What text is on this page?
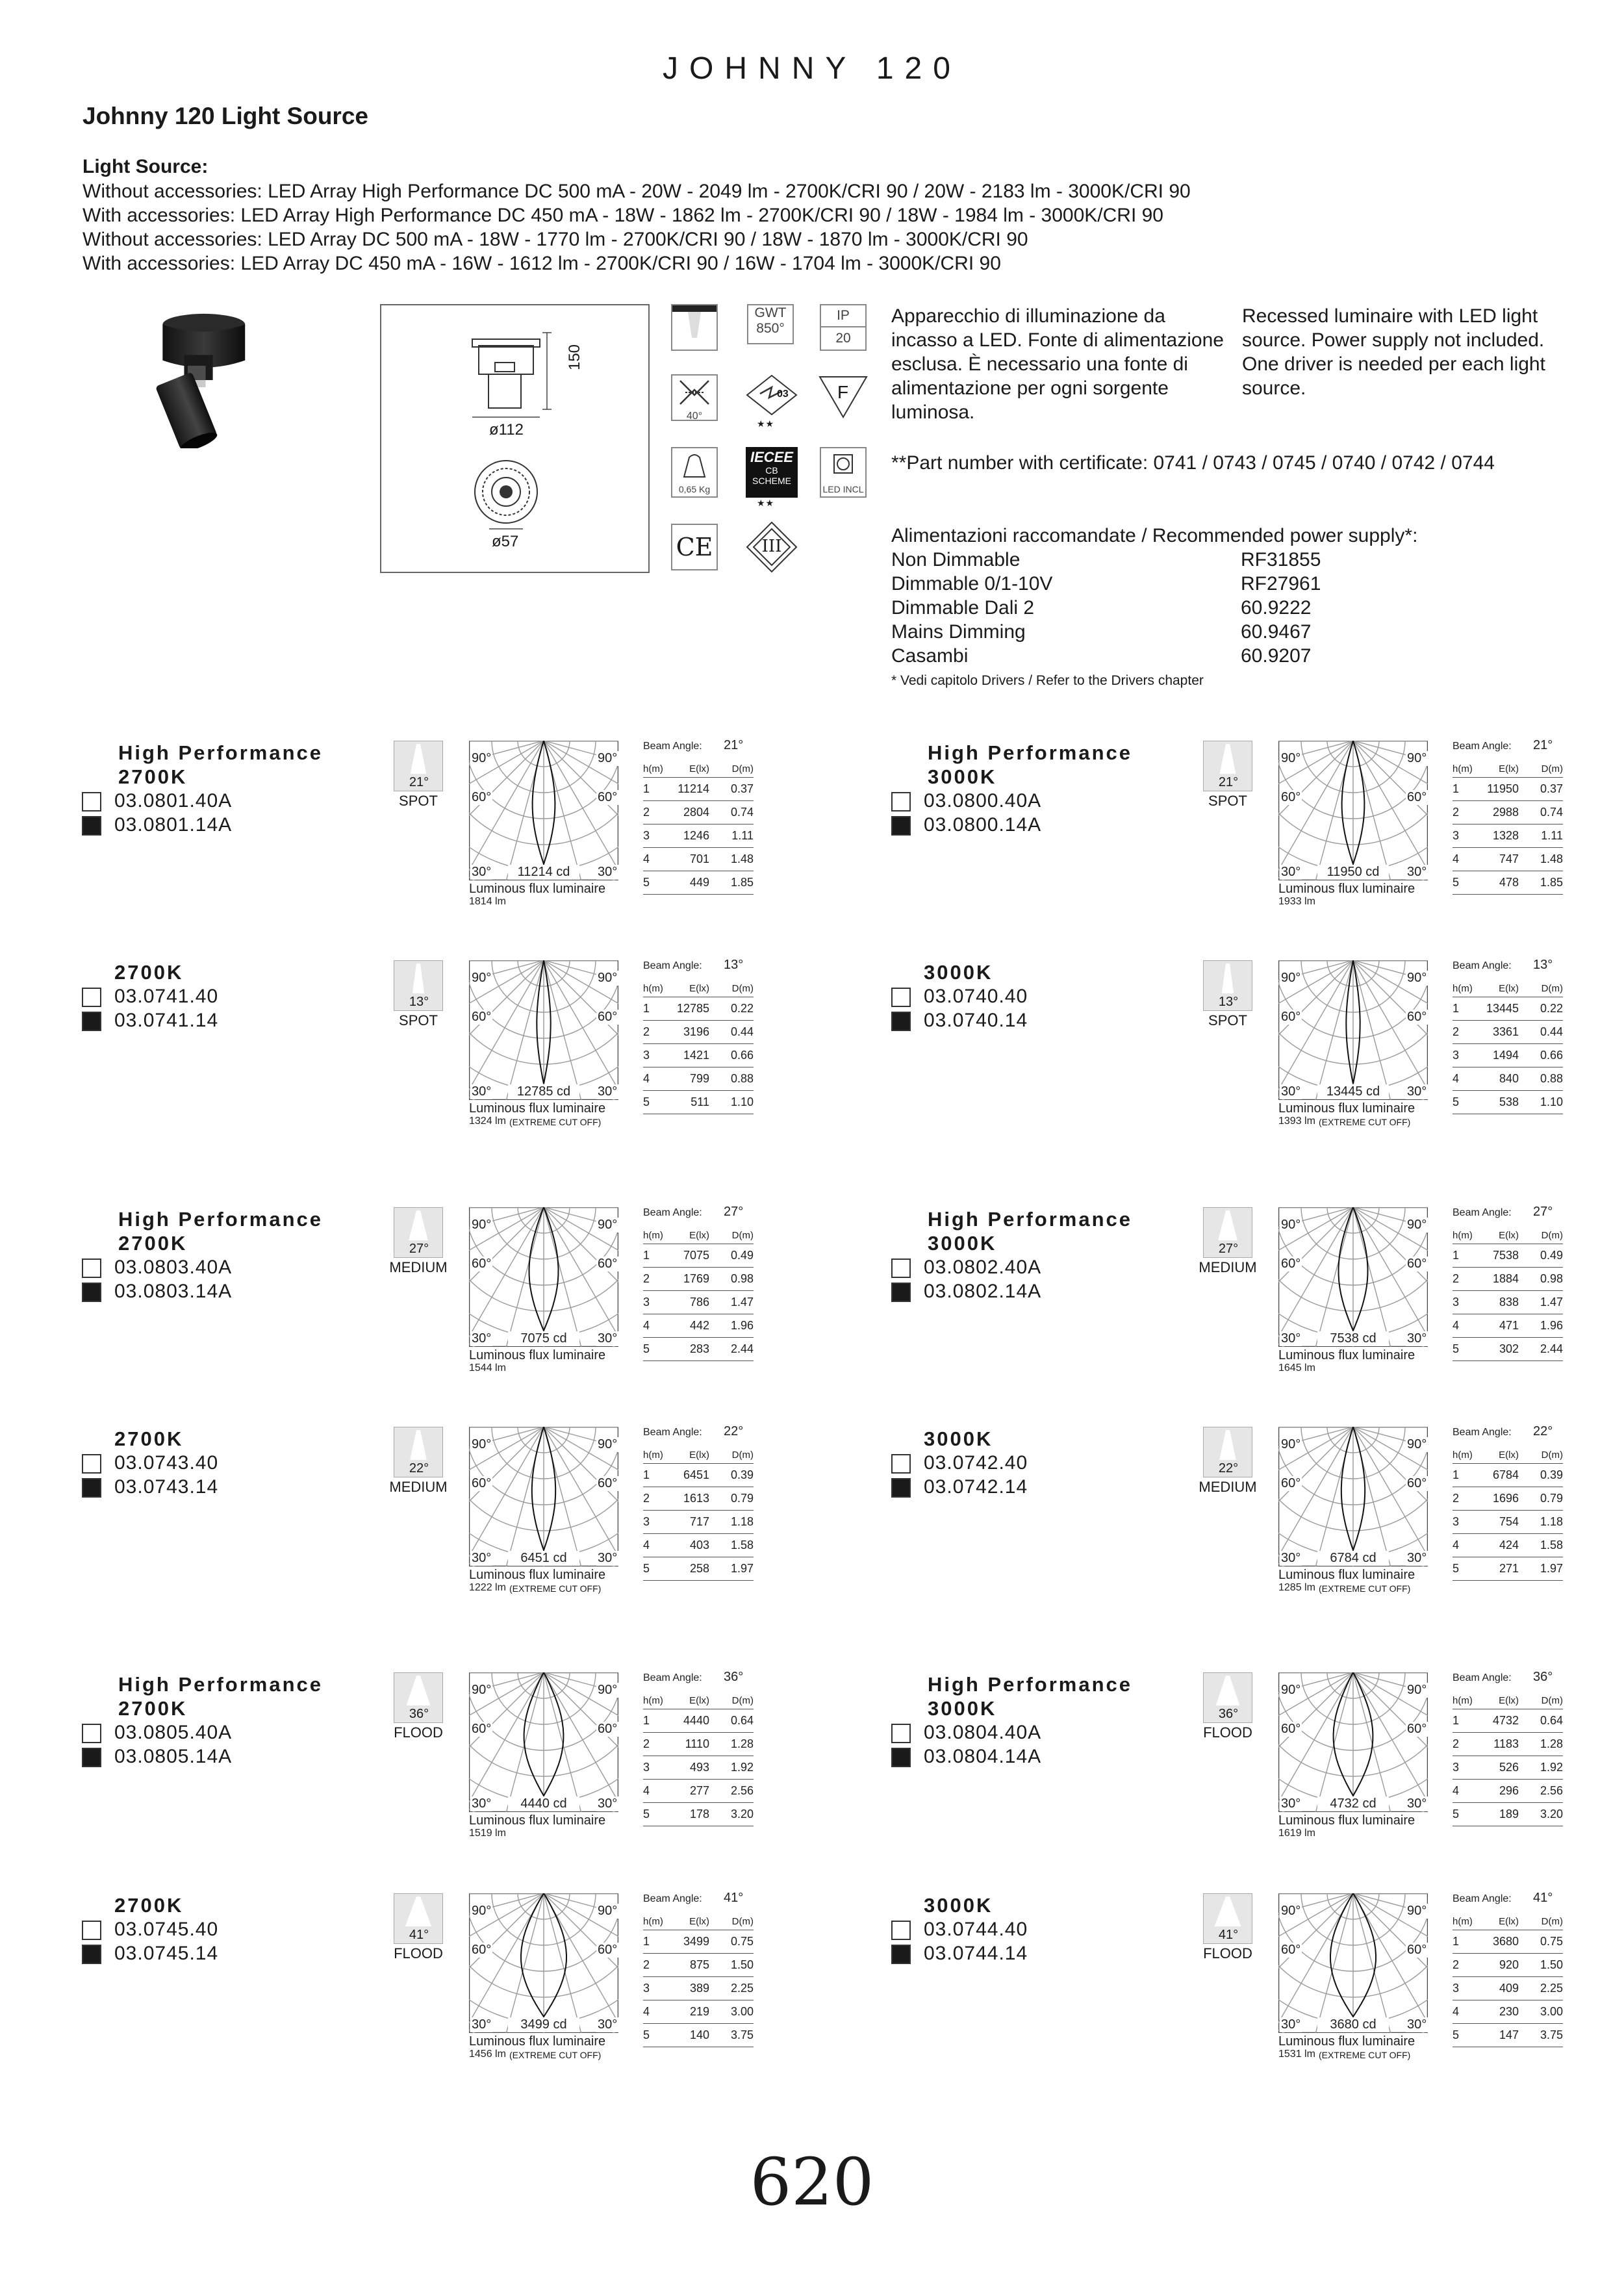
JOHNNY 120
Johnny 120 Light Source
Light Source:
Without accessories: LED Array High Performance DC 500 mA - 20W - 2049 lm - 2700K/CRI 90 / 20W - 2183 lm - 3000K/CRI 90
With accessories: LED Array High Performance DC 450 mA - 18W - 1862 lm - 2700K/CRI 90 / 18W - 1984 lm - 3000K/CRI 90
Without accessories: LED Array DC 500 mA - 18W - 1770 lm - 2700K/CRI 90 / 18W - 1870 lm - 3000K/CRI 90
With accessories: LED Array DC 450 mA - 16W - 1612 lm - 2700K/CRI 90 / 16W - 1704 lm - 3000K/CRI 90
150
ø112
ø57
GWT
850°
IP
20
40°
03
★★
F
0,65 Kg
IECEE
CB
SCHEME
★★
LED INCL
CE	III
Apparecchio di illuminazione da incasso a LED. Fonte di alimentazione esclusa. È necessario una fonte di alimentazione per ogni sorgente luminosa.
Recessed luminaire with LED light source. Power supply not included. One driver is needed per each light source.
**Part number with certificate: 0741 / 0743 / 0745 / 0740 / 0742 / 0744
Alimentazioni raccomandate / Recommended power supply*:
Non Dimmable	RF31855
Dimmable 0/1-10V	RF27961
Dimmable Dali 2	60.9222
Mains Dimming	60.9467
Casambi	60.9207
* Vedi capitolo Drivers / Refer to the Drivers chapter
High Performance
2700K
03.0801.40A
03.0801.14A
21°
SPOT
90°	90°
60°	60°
30°	30°
11214 cd
Luminous flux luminaire
1814 lm
Beam Angle: 21°
h(m)	E(lx)	D(m)
1	11214	0.37
2	2804	0.74
3	1246	1.11
4	701	1.48
5	449	1.85
High Performance
3000K
03.0800.40A
03.0800.14A
21°
SPOT
90°	90°
60°	60°
30°	30°
11950 cd
Luminous flux luminaire
1933 lm
Beam Angle: 21°
h(m)	E(lx)	D(m)
1	11950	0.37
2	2988	0.74
3	1328	1.11
4	747	1.48
5	478	1.85
2700K
03.0741.40
03.0741.14
13°
SPOT
90°	90°
60°	60°
30°	30°
12785 cd
Luminous flux luminaire
1324 lm (EXTREME CUT OFF)
Beam Angle: 13°
h(m)	E(lx)	D(m)
1	12785	0.22
2	3196	0.44
3	1421	0.66
4	799	0.88
5	511	1.10
3000K
03.0740.40
03.0740.14
13°
SPOT
90°	90°
60°	60°
30°	30°
13445 cd
Luminous flux luminaire
1393 lm (EXTREME CUT OFF)
Beam Angle: 13°
h(m)	E(lx)	D(m)
1	13445	0.22
2	3361	0.44
3	1494	0.66
4	840	0.88
5	538	1.10
High Performance
2700K
03.0803.40A
03.0803.14A
27°
MEDIUM
90°	90°
60°	60°
30°	30°
7075 cd
Luminous flux luminaire
1544 lm
Beam Angle: 27°
h(m)	E(lx)	D(m)
1	7075	0.49
2	1769	0.98
3	786	1.47
4	442	1.96
5	283	2.44
High Performance
3000K
03.0802.40A
03.0802.14A
27°
MEDIUM
90°	90°
60°	60°
30°	30°
7538 cd
Luminous flux luminaire
1645 lm
Beam Angle: 27°
h(m)	E(lx)	D(m)
1	7538	0.49
2	1884	0.98
3	838	1.47
4	471	1.96
5	302	2.44
2700K
03.0743.40
03.0743.14
22°
MEDIUM
90°	90°
60°	60°
30°	30°
6451 cd
Luminous flux luminaire
1222 lm (EXTREME CUT OFF)
Beam Angle: 22°
h(m)	E(lx)	D(m)
1	6451	0.39
2	1613	0.79
3	717	1.18
4	403	1.58
5	258	1.97
3000K
03.0742.40
03.0742.14
22°
MEDIUM
90°	90°
60°	60°
30°	30°
6784 cd
Luminous flux luminaire
1285 lm (EXTREME CUT OFF)
Beam Angle: 22°
h(m)	E(lx)	D(m)
1	6784	0.39
2	1696	0.79
3	754	1.18
4	424	1.58
5	271	1.97
High Performance
2700K
03.0805.40A
03.0805.14A
36°
FLOOD
90°	90°
60°	60°
30°	30°
4440 cd
Luminous flux luminaire
1519 lm
Beam Angle: 36°
h(m)	E(lx)	D(m)
1	4440	0.64
2	1110	1.28
3	493	1.92
4	277	2.56
5	178	3.20
High Performance
3000K
03.0804.40A
03.0804.14A
36°
FLOOD
90°	90°
60°	60°
30°	30°
4732 cd
Luminous flux luminaire
1619 lm
Beam Angle: 36°
h(m)	E(lx)	D(m)
1	4732	0.64
2	1183	1.28
3	526	1.92
4	296	2.56
5	189	3.20
2700K
03.0745.40
03.0745.14
41°
FLOOD
90°	90°
60°	60°
30°	30°
3499 cd
Luminous flux luminaire
1456 lm (EXTREME CUT OFF)
Beam Angle: 41°
h(m)	E(lx)	D(m)
1	3499	0.75
2	875	1.50
3	389	2.25
4	219	3.00
5	140	3.75
3000K
03.0744.40
03.0744.14
41°
FLOOD
90°	90°
60°	60°
30°	30°
3680 cd
Luminous flux luminaire
1531 lm (EXTREME CUT OFF)
Beam Angle: 41°
h(m)	E(lx)	D(m)
1	3680	0.75
2	920	1.50
3	409	2.25
4	230	3.00
5	147	3.75
620
